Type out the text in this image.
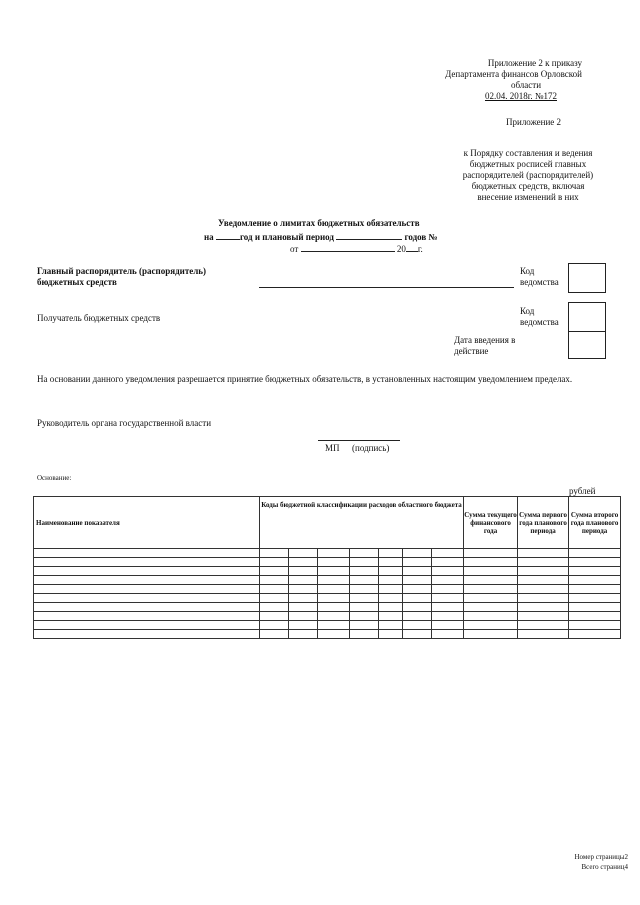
Приложение 2 к приказу
Департамента финансов Орловской
области
02.04. 2018г. №172
Приложение 2
к Порядку составления и ведения
бюджетных росписей главных
распорядителей (распорядителей)
бюджетных средств, включая
внесение изменений в них
Уведомление о лимитах бюджетных обязательств
на	год и плановый период	годов №
от	20 г.
Главный распорядитель (распорядитель)
бюджетных средств
Код
ведомства
Получатель бюджетных средств
Код
ведомства
Дата введения в
действие
На основании данного уведомления разрешается принятие бюджетных обязательств, в установленных настоящим уведомлением пределах.
Руководитель органа государственной власти
МП (подпись)
Основание:
рублей
Наименование показателя	Коды бюджетной классификации расходов областного бюджета							Сумма текущего финансового года	Сумма первого года планового периода	Сумма второго года планового периода

Номер страницы2
Всего страниц4
